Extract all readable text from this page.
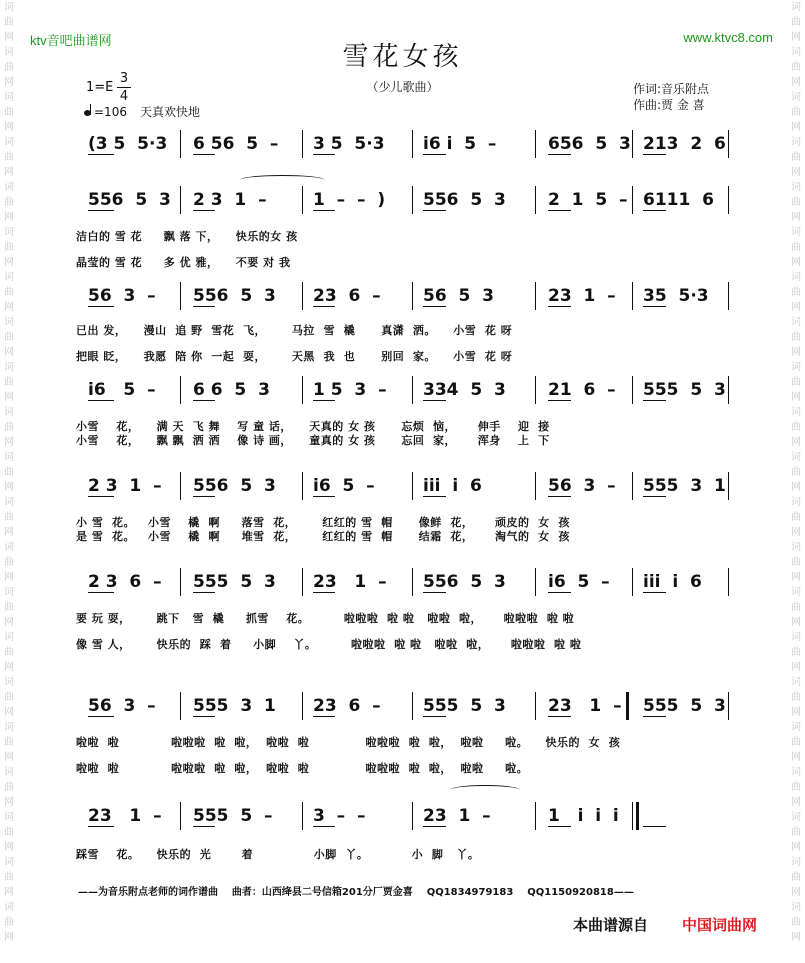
ktv音吧曲谱网	www.ktvc8.com
词
曲
网
词
曲
网
词
曲
网
词
曲
网
词
曲
网
词
曲
网
词
曲
网
词
曲
网
词
曲
网
词
曲
网
词
曲
网
词
曲
网
词
曲
网
词
曲
网
词
曲
网
词
曲
网
词
曲
网
词
曲
网
词
曲
网
词
曲
网
词
曲
网
词
曲
网
词
曲
网
词
曲
网
词
曲
网
词
曲
网
词
曲
网
词
曲
网
词
曲
网
词
曲
网
词
曲
网
词
曲
网
词
曲
网
词
曲
网
词
曲
网
词
曲
网
词
曲
网
词
曲
网
词
曲
网
词
曲
网
词
曲
网
词
曲
网
雪花女孩
（少儿歌曲）	作词:音乐附点
作曲:贾 金 喜
1=E
3
4
=106 天真欢快地
(3 5  5·3 6 56  5  – 3 5  5·3 i6 i  5  –	656  5  3 213  2  6
556  5  3 2 3  1  –	1  –  –  ) 556  5  3 2  1  5  – 6111  6
洁白的 雪 花     飘 落 下，    快乐的女 孩
晶莹的 雪 花     多 优 雅，    不要 对 我
56  3  – 556  5  3 23  6  – 56  5  3	23  1  – 35  5·3
已出 发，    漫山  追 野  雪花  飞，      马拉  雪  橇      真潇  洒。    小雪  花 呀
把眼 眨，    我愿  陪 你  一起  耍，      天黑  我  也      别回  家。    小雪  花 呀
i6   5  – 6 6  5  3	1 5  3  – 334  5  3 21  6  – 555  5  3
小雪    花，    满 天  飞 舞    写 童 话，    天真的 女 孩      忘烦  恼，     伸手    迎  接
小雪    花，    飘 飘  洒 洒    像 诗 画，    童真的 女 孩      忘回  家，     浑身    上  下
2 3  1  – 556  5  3 i6  5  –	iii  i  6	56  3  – 555  3  1
小 雪  花。   小雪    橇  啊     落雪  花，      红红的 雪  帽      像鲜  花，     顽皮的  女  孩
是 雪  花。   小雪    橇  啊     堆雪  花，      红红的 雪  帽      结霜  花，     淘气的  女  孩
2 3  6  – 555  5  3 23   1  – 556  5  3 i6  5  – iii  i  6
要 玩 耍，      跳下   雪  橇     抓雪    花。        啦啦啦  啦 啦   啦啦  啦，     啦啦啦  啦 啦
像 雪 人，      快乐的  踩  着     小脚    丫。        啦啦啦  啦 啦   啦啦  啦，     啦啦啦  啦 啦
56  3  – 555  3  1 23  6  – 555  5  3 23   1  – 555  5  3
啦啦  啦            啦啦啦  啦  啦，  啦啦  啦             啦啦啦  啦  啦，  啦啦     啦。    快乐的  女  孩
啦啦  啦            啦啦啦  啦  啦，  啦啦  啦             啦啦啦  啦  啦，  啦啦     啦。
23   1  – 555  5  – 3  –  –	23  1  –	1   i  i  i
踩雪    花。    快乐的  光       着              小脚  丫。          小  脚   丫。
——为音乐附点老师的词作谱曲    曲者：山西绛县二号信箱201分厂贾金喜    QQ1834979183    QQ1150920818——
本曲谱源自 中国词曲网
